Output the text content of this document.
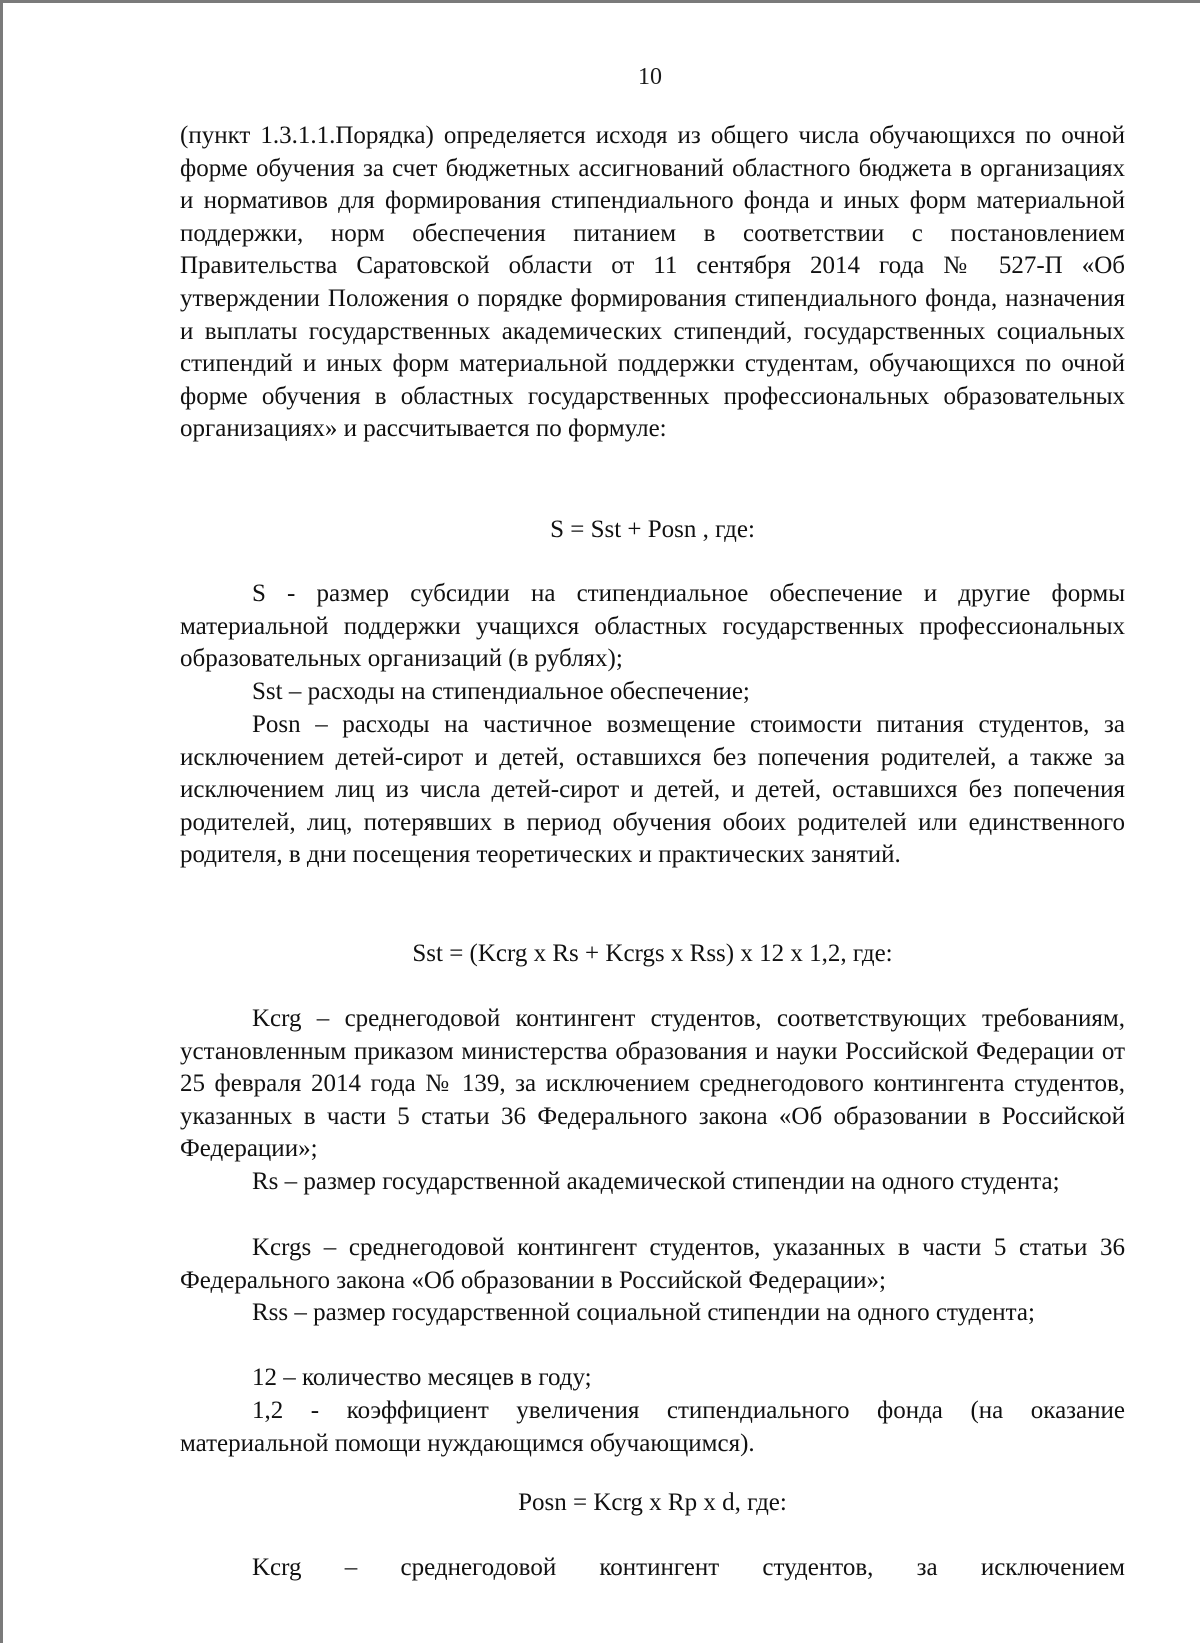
10

(пункт 1.3.1.1.Порядка) определяется исходя из общего числа обучающихся по очной форме обучения за счет бюджетных ассигнований областного бюджета в организациях и нормативов для формирования стипендиального фонда и иных форм материальной поддержки, норм обеспечения питанием в соответствии с постановлением Правительства Саратовской области от 11 сентября 2014 года № 527-П «Об утверждении Положения о порядке формирования стипендиального фонда, назначения и выплаты государственных академических стипендий, государственных социальных стипендий и иных форм материальной поддержки студентам, обучающихся по очной форме обучения в областных государственных профессиональных образовательных организациях» и рассчитывается по формуле:

S = Sst + Posn , где:

S - размер субсидии на стипендиальное обеспечение и другие формы материальной поддержки учащихся областных государственных профессиональных образовательных организаций (в рублях);

Sst – расходы на стипендиальное обеспечение;

Posn – расходы на частичное возмещение стоимости питания студентов, за исключением детей-сирот и детей, оставшихся без попечения родителей, а также за исключением лиц из числа детей-сирот и детей, и детей, оставшихся без попечения родителей, лиц, потерявших в период обучения обоих родителей или единственного родителя, в дни посещения теоретических и практических занятий.

Sst = (Kcrg x Rs + Kcrgs x Rss) x 12 x 1,2, где:

Kcrg – среднегодовой контингент студентов, соответствующих требованиям, установленным приказом министерства образования и науки Российской Федерации от 25 февраля 2014 года № 139, за исключением среднегодового контингента студентов, указанных в части 5 статьи 36 Федерального закона «Об образовании в Российской Федерации»;

Rs – размер государственной академической стипендии на одного студента;

Kcrgs – среднегодовой контингент студентов, указанных в части 5 статьи 36 Федерального закона «Об образовании в Российской Федерации»;

Rss – размер государственной социальной стипендии на одного студента;

12 – количество месяцев в году;

1,2 - коэффициент увеличения стипендиального фонда (на оказание материальной помощи нуждающимся обучающимся).

Posn = Kcrg x Rp x d, где:

Kcrg – среднегодовой контингент студентов, за исключением
